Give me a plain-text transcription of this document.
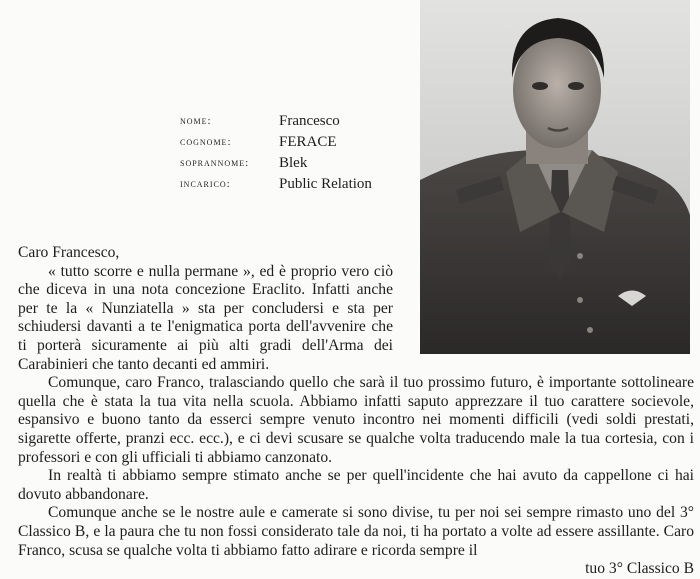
nome:	Francesco
cognome:	FERACE
soprannome: Blek
incarico:	Public Relation

Caro Francesco,

« tutto scorre e nulla permane », ed è proprio vero ciò che diceva in una nota concezione Eraclito. Infatti anche per te la « Nunziatella » sta per concludersi e sta per schiudersi davanti a te l'enigmatica porta dell'avvenire che ti porterà sicuramente ai più alti gradi dell'Arma dei Carabinieri che tanto decanti ed ammiri.

Comunque, caro Franco, tralasciando quello che sarà il tuo prossimo futuro, è importante sottolineare quella che è stata la tua vita nella scuola. Abbiamo infatti saputo apprezzare il tuo carattere socievole, espansivo e buono tanto da esserci sempre venuto incontro nei momenti difficili (vedi soldi prestati, sigarette offerte, pranzi ecc. ecc.), e ci devi scusare se qualche volta traducendo male la tua cortesia, con i professori e con gli ufficiali ti abbiamo canzonato.

In realtà ti abbiamo sempre stimato anche se per quell'incidente che hai avuto da cappellone ci hai dovuto abbandonare.

Comunque anche se le nostre aule e camerate si sono divise, tu per noi sei sempre rimasto uno del 3° Classico B, e la paura che tu non fossi considerato tale da noi, ti ha portato a volte ad essere assillante. Caro Franco, scusa se qualche volta ti abbiamo fatto adirare e ricorda sempre il

tuo 3° Classico B
